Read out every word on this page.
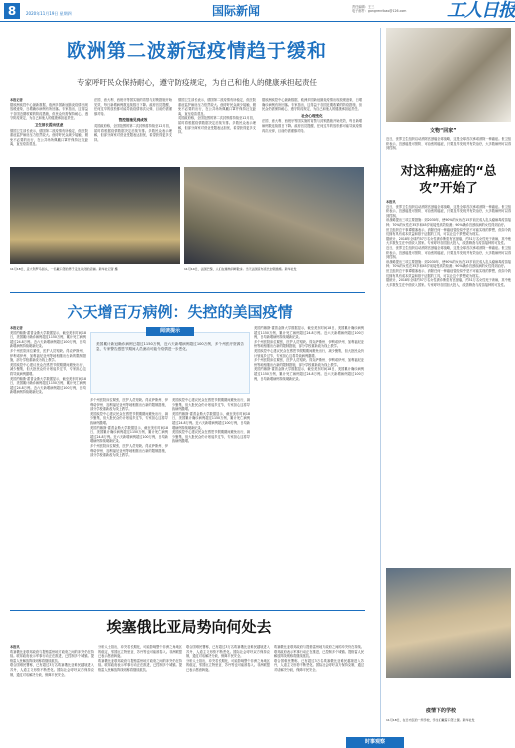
8	2020年11月19日 星期四	国际新闻	责任编辑：王三
电子邮件：gongrenribao@126.com	工人日报
欧洲第二波新冠疫情趋于缓和
专家呼吁民众保持耐心，遵守防疫规定，为自己和他人的健康承担起责任
本报记者
据欧洲疾控中心最新数据，欧洲多国新冠肺炎疫情出现放缓迹象，日增确诊病例有所回落。专家指出，这得益于各国近期收紧的防疫措施，但民众仍需保持耐心，遵守防疫规定，为自己和他人的健康承担起责任。
卫生部长提出忧虑
德国卫生部长表示，德国第二波疫情有所稳定，但医院重症监护病房压力依然较大。他呼吁民众减少接触，避免不必要的出行，在公共场所佩戴口罩并保持社交距离，直至疫苗普及。
法国、意大利、西班牙等国实施的宵禁与封锁措施开始见效，每日新增病例数连续数日下降。政府官员提醒，任何过早的放松都可能导致疫情再次反弹，目前仍需谨慎对待。
管控措施见到成效
英国政府称，全国范围的第二次封锁将持续至12月初，届时将根据疫情数据决定后续安排。多数民众表示理解，但部分商家对营业受限表达担忧，希望获得更多支持。
德国卫生部长表示，德国第二波疫情有所稳定，但医院重症监护病房压力依然较大。他呼吁民众减少接触，避免不必要的出行，在公共场所佩戴口罩并保持社交距离，直至疫苗普及。
英国政府称，全国范围的第二次封锁将持续至12月初，届时将根据疫情数据决定后续安排。多数民众表示理解，但部分商家对营业受限表达担忧，希望获得更多支持。
据欧洲疾控中心最新数据，欧洲多国新冠肺炎疫情出现放缓迹象，日增确诊病例有所回落。专家指出，这得益于各国近期收紧的防疫措施，但民众仍需保持耐心，遵守防疫规定，为自己和他人的健康承担起责任。
社会心理变化
法国、意大利、西班牙等国实施的宵禁与封锁措施开始见效，每日新增病例数连续数日下降。政府官员提醒，任何过早的放松都可能导致疫情再次反弹，目前仍需谨慎对待。
11月18日，意大利罗马街头，一名戴口罩的男子走过关闭的店铺。新华社记者 摄	11月14日，法国巴黎，人们在塞纳河畔散步。当天法国宣布延长封锁措施。新华社发
六天增百万病例：失控的美国疫情
本报记者
美国约翰斯·霍普金斯大学数据显示，截至美东时间18日，美国累计确诊病例超过1150万例，累计死亡病例超过24.8万例。近六天新增病例超过100万例，日均新增病例持续刷新纪录。
多个州医院床位紧张，医护人员短缺。得克萨斯州、伊利诺伊州、加利福尼亚州等地相继出台新的限制措施，部分学校重新改为线上教学。
美国疾控中心建议民众在感恩节假期期间避免出行，减少聚集，但大批民众仍计划返乡过节，专家担心这将导致病例激增。
美国约翰斯·霍普金斯大学数据显示，截至美东时间18日，美国累计确诊病例超过1150万例，累计死亡病例超过24.8万例。近六天新增病例超过100万例，日均新增病例持续刷新纪录。
阅读提示
美国累计新冠确诊病例已超过1150万例，近六天新增病例超过100万例，多个州医疗资源告急，专家警告感恩节期间人员流动可能令疫情进一步恶化。
多个州医院床位紧张，医护人员短缺。得克萨斯州、伊利诺伊州、加利福尼亚州等地相继出台新的限制措施，部分学校重新改为线上教学。
美国疾控中心建议民众在感恩节假期期间避免出行，减少聚集，但大批民众仍计划返乡过节，专家担心这将导致病例激增。
美国约翰斯·霍普金斯大学数据显示，截至美东时间18日，美国累计确诊病例超过1150万例，累计死亡病例超过24.8万例。近六天新增病例超过100万例，日均新增病例持续刷新纪录。
多个州医院床位紧张，医护人员短缺。得克萨斯州、伊利诺伊州、加利福尼亚州等地相继出台新的限制措施，部分学校重新改为线上教学。
美国疾控中心建议民众在感恩节假期期间避免出行，减少聚集，但大批民众仍计划返乡过节，专家担心这将导致病例激增。
美国约翰斯·霍普金斯大学数据显示，截至美东时间18日，美国累计确诊病例超过1150万例，累计死亡病例超过24.8万例。近六天新增病例超过100万例，日均新增病例持续刷新纪录。
美国疾控中心建议民众在感恩节假期期间避免出行，减少聚集，但大批民众仍计划返乡过节，专家担心这将导致病例激增。
美国约翰斯·霍普金斯大学数据显示，截至美东时间18日，美国累计确诊病例超过1150万例，累计死亡病例超过24.8万例。近六天新增病例超过100万例，日均新增病例持续刷新纪录。
多个州医院床位紧张，医护人员短缺。得克萨斯州、伊利诺伊州、加利福尼亚州等地相继出台新的限制措施，部分学校重新改为线上教学。
美国疾控中心建议民众在感恩节假期期间避免出行，减少聚集，但大批民众仍计划返乡过节，专家担心这将导致病例激增。
多个州医院床位紧张，医护人员短缺。得克萨斯州、伊利诺伊州、加利福尼亚州等地相继出台新的限制措施，部分学校重新改为线上教学。
美国约翰斯·霍普金斯大学数据显示，截至美东时间18日，美国累计确诊病例超过1150万例，累计死亡病例超过24.8万例。近六天新增病例超过100万例，日均新增病例持续刷新纪录。
埃塞俄比亚局势向何处去
本报讯
埃塞俄比亚联邦政府与提格雷州地方政府之间的冲突仍在持续。联邦政府表示军事行动正在推进，已控制多个城镇。提格雷人民解放阵线则称将继续抵抗。
联合国难民署称，已有超过3万名埃塞俄比亚难民越境进入苏丹，人道主义形势不断恶化。国际社会呼吁双方保持克制，通过对话解决分歧，保障平民安全。
分析人士指出，冲突若长期化，可能影响整个非洲之角地区的稳定，邻国厄立特里亚、苏丹等也可能被卷入。非洲联盟已表示愿意斡旋。
埃塞俄比亚联邦政府与提格雷州地方政府之间的冲突仍在持续。联邦政府表示军事行动正在推进，已控制多个城镇。提格雷人民解放阵线则称将继续抵抗。
联合国难民署称，已有超过3万名埃塞俄比亚难民越境进入苏丹，人道主义形势不断恶化。国际社会呼吁双方保持克制，通过对话解决分歧，保障平民安全。
分析人士指出，冲突若长期化，可能影响整个非洲之角地区的稳定，邻国厄立特里亚、苏丹等也可能被卷入。非洲联盟已表示愿意斡旋。
埃塞俄比亚联邦政府与提格雷州地方政府之间的冲突仍在持续。联邦政府表示军事行动正在推进，已控制多个城镇。提格雷人民解放阵线则称将继续抵抗。
联合国难民署称，已有超过3万名埃塞俄比亚难民越境进入苏丹，人道主义形势不断恶化。国际社会呼吁双方保持克制，通过对话解决分歧，保障平民安全。
文物“回家”
近日，世界卫生组织启动消除宫颈癌全球战略，这是全球首次承诺消除一种癌症。世卫组织表示，宫颈癌是可预防、可治愈的癌症，只要及早发现并有效治疗，大多数病例可以得到控制。
对这种癌症的“总攻”开始了
本报讯
近日，世界卫生组织启动消除宫颈癌全球战略，这是全球首次承诺消除一种癌症。世卫组织表示，宫颈癌是可预防、可治愈的癌症，只要及早发现并有效治疗，大多数病例可以得到控制。
该战略提出三项主要措施：到2030年，使90%的女孩在15岁前完成人乳头瘤病毒疫苗接种；70%的女性在35岁和45岁前接受高效检测；90%确诊宫颈疾病的女性得到治疗。
世卫组织总干事谭德塞表示，消除任何一种癌症曾经似乎是不可能实现的梦想，但如今我们拥有具有成本效益和基于证据的工具，可以让这个梦想成为现实。
据统计，2018年全球约57万名女性被诊断患有宫颈癌，约31万名女性死于该病，其中绝大多数发生在中低收入国家。专家呼吁各国加大投入，改善筛查与疫苗接种的可及性。
近日，世界卫生组织启动消除宫颈癌全球战略，这是全球首次承诺消除一种癌症。世卫组织表示，宫颈癌是可预防、可治愈的癌症，只要及早发现并有效治疗，大多数病例可以得到控制。
该战略提出三项主要措施：到2030年，使90%的女孩在15岁前完成人乳头瘤病毒疫苗接种；70%的女性在35岁和45岁前接受高效检测；90%确诊宫颈疾病的女性得到治疗。
世卫组织总干事谭德塞表示，消除任何一种癌症曾经似乎是不可能实现的梦想，但如今我们拥有具有成本效益和基于证据的工具，可以让这个梦想成为现实。
据统计，2018年全球约57万名女性被诊断患有宫颈癌，约31万名女性死于该病，其中绝大多数发生在中低收入国家。专家呼吁各国加大投入，改善筛查与疫苗接种的可及性。
疫情下的学校
11月18日，在日内瓦的一所学校，学生们戴着口罩上课。新华社发
时事观察
